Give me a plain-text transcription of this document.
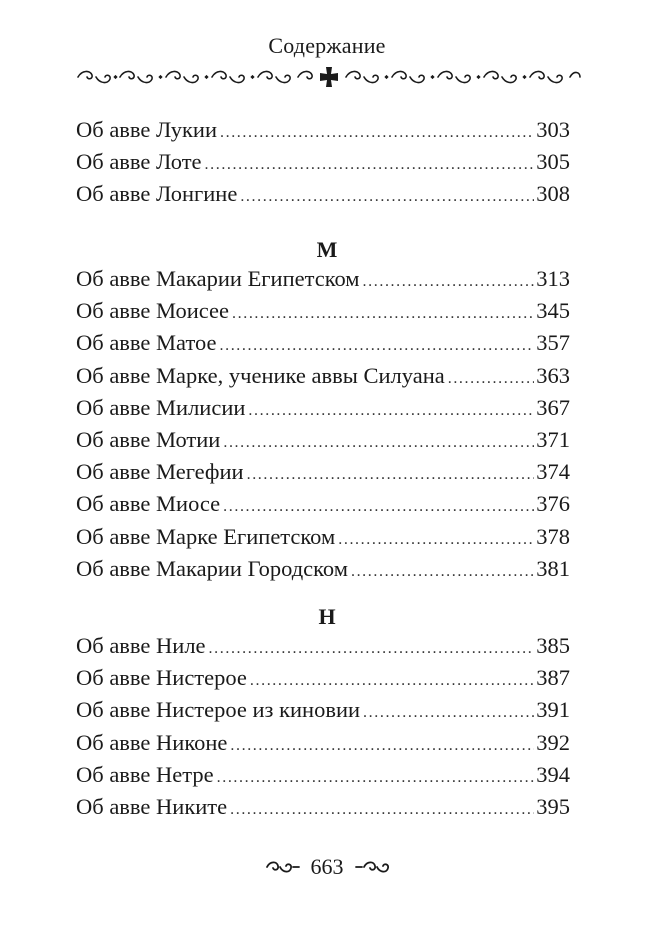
Содержание
Об авве Лукии .....	303
Об авве Лоте .....	305
Об авве Лонгине .....	308
М
Об авве Макарии Египетском .....	313
Об авве Моисее .....	345
Об авве Матое .....	357
Об авве Марке, ученике аввы Силуана .....	363
Об авве Милисии .....	367
Об авве Мотии .....	371
Об авве Мегефии .....	374
Об авве Миосе .....	376
Об авве Марке Египетском .....	378
Об авве Макарии Городском .....	381
Н
Об авве Ниле .....	385
Об авве Нистерое .....	387
Об авве Нистерое из киновии .....	391
Об авве Никоне .....	392
Об авве Нетре .....	394
Об авве Никите .....	395
663
